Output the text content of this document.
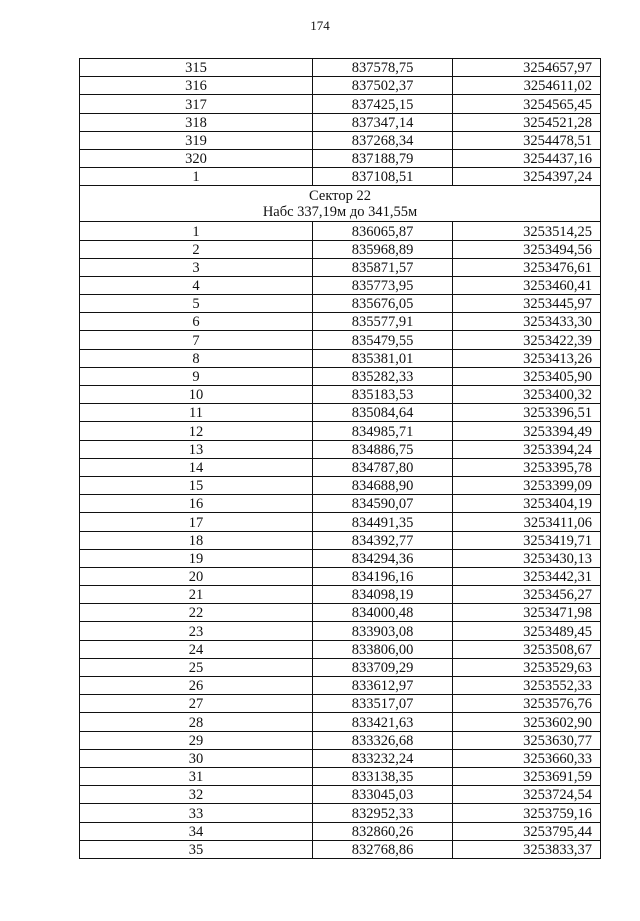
174
315	837578,75	3254657,97
316	837502,37	3254611,02
317	837425,15	3254565,45
318	837347,14	3254521,28
319	837268,34	3254478,51
320	837188,79	3254437,16
1	837108,51	3254397,24

Сектор 22
Набс 337,19м до 341,55м		

1	836065,87	3253514,25
2	835968,89	3253494,56
3	835871,57	3253476,61
4	835773,95	3253460,41
5	835676,05	3253445,97
6	835577,91	3253433,30
7	835479,55	3253422,39
8	835381,01	3253413,26
9	835282,33	3253405,90
10	835183,53	3253400,32
11	835084,64	3253396,51
12	834985,71	3253394,49
13	834886,75	3253394,24
14	834787,80	3253395,78
15	834688,90	3253399,09
16	834590,07	3253404,19
17	834491,35	3253411,06
18	834392,77	3253419,71
19	834294,36	3253430,13
20	834196,16	3253442,31
21	834098,19	3253456,27
22	834000,48	3253471,98
23	833903,08	3253489,45
24	833806,00	3253508,67
25	833709,29	3253529,63
26	833612,97	3253552,33
27	833517,07	3253576,76
28	833421,63	3253602,90
29	833326,68	3253630,77
30	833232,24	3253660,33
31	833138,35	3253691,59
32	833045,03	3253724,54
33	832952,33	3253759,16
34	832860,26	3253795,44
35	832768,86	3253833,37
